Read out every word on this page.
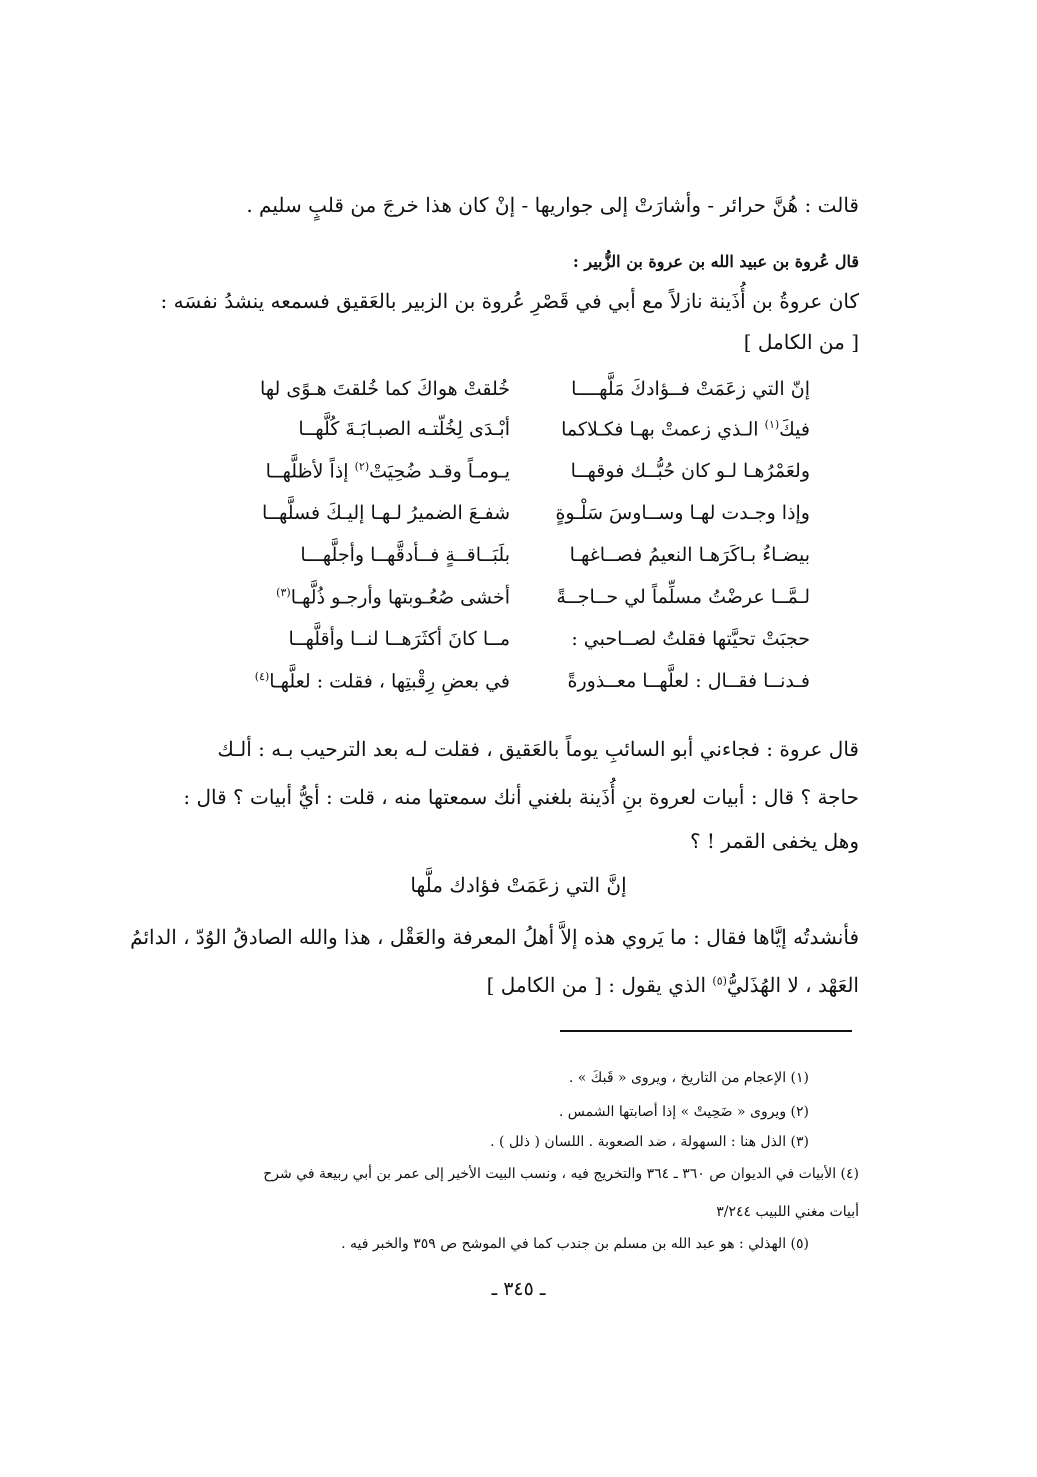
قالت : هُنَّ حرائر - وأشارَتْ إلى جواريها - إنْ كان هذا خرجَ من قلبٍ سليم .
قال عُروة بن عبيد الله بن عروة بن الزُّبير :
كان عروةُ بن أُذَينة نازلاً مع أبي في قَصْرِ عُروة بن الزبير بالعَقيق فسمعه ينشدُ نفسَه :
[ من الكامل ]
إنّ التي زعَمَتْ فــؤادكَ مَلَّهــــا
خُلقتْ هواكَ كما خُلقتَ هـوًى لها
فيكَ$^{(١)}$ الـذي زعمتْ بهـا فكـلاكما
أبْـدَى لِخُلّتـه الصبـابَـةَ كُلَّهــا
ولعَمْرُهـا لـو كان حُبُّــك فوقهــا
يـومـاً وقـد ضُحِيَتْ$^{(٢)}$ إذاً لأظلَّهــا
وإذا وجـدت لهـا وســاوسَ سَلْـوةٍ
شفـعَ الضميرُ لـهـا إليـكَ فسلَّهــا
بيضـاءُ بـاكَرَهـا النعيمُ فصــاغهـا
بلَبَــاقــةٍ فــأدقَّهــا وأجلَّهـــا
لـمَّــا عرضْتُ مسلِّماً لي حــاجــةً
أخشى صُعُـوبتها وأرجـو ذُلَّهـا$^{(٣)}$
حجبَتْ تحيَّتها فقلتُ لصــاحبي :
مــا كانَ أكثَرَهــا لنــا وأقلَّهــا
فـدنــا فقــال : لعلَّهــا معــذورةً
في بعضِ رِقْبتِها ، فقلت : لعلَّهـا$^{(٤)}$
قال عروة : فجاءني أبو السائبِ يوماً بالعَقيق ، فقلت لـه بعد الترحيب بـه : ألـك
حاجة ؟ قال : أبيات لعروة بنِ أُذَينة بلغني أنك سمعتها منه ، قلت : أيُّ أبيات ؟ قال :
وهل يخفى القمر ! ؟
إنَّ التي زعَمَتْ فؤادك ملَّها
فأنشدتُه إيَّاها فقال : ما يَروي هذه إلاَّ أهلُ المعرفة والعَقْل ، هذا والله الصادقُ الوُدّ ، الدائمُ
العَهْد ، لا الهُذَليُّ$^{(٥)}$ الذي يقول : [ من الكامل ]
(١) الإعجام من التاريخ ، ويروى « قَبكَ » .
(٢) ويروى « ضَحِيتْ » إذا أصابتها الشمس .
(٣) الذل هنا : السهولة ، ضد الصعوبة . اللسان ( ذلل ) .
(٤) الأبيات في الديوان ص ٣٦٠ ـ ٣٦٤ والتخريج فيه ، ونسب البيت الأخير إلى عمر بن أبي ربيعة في شرح
أبيات مغني اللبيب ٣/٢٤٤
(٥) الهذلي : هو عبد الله بن مسلم بن جندب كما في الموشح ص ٣٥٩ والخبر فيه .
ـ ٣٤٥ ـ
